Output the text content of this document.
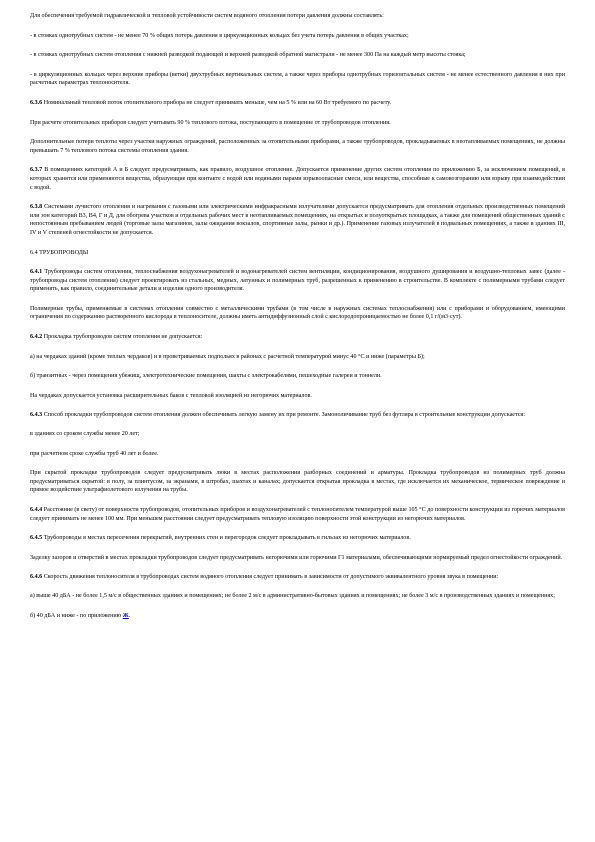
Для обеспечения требуемой гидравлической и тепловой устойчивости систем водяного отопления потери давления должны составлять:

- в стояках однотрубных систем - не менее 70 % общих потерь давления в циркуляционных кольцах без учета потерь давления в общих участках;

- в стояках однотрубных систем отопления с нижней разводкой подающей и верхней разводкой обратной магистрали - не менее 300 Па на каждый метр высоты стояка;

- в циркуляционных кольцах через верхние приборы (ветки) двухтрубных вертикальных систем, а также через приборы однотрубных горизонтальных систем - не менее естественного давления в них при расчетных параметрах теплоносителя.

6.3.6 Номинальный тепловой поток отопительного прибора не следует принимать меньше, чем на 5 % или на 60 Вт требуемого по расчету.

При расчете отопительных приборов следует учитывать 90 % теплового потока, поступающего в помещение от трубопроводов отопления.

Дополнительные потери теплоты через участки наружных ограждений, расположенных за отопительными приборами, а также трубопроводов, прокладываемых в неотапливаемых помещениях, не должны превышать 7 % теплового потока системы отопления здания.

6.3.7 В помещениях категорий А и Б следует предусматривать, как правило, воздушное отопление. Допускается применение других систем отопления по приложению Б, за исключением помещений, в которых хранятся или применяются вещества, образующие при контакте с водой или водяными парами взрывоопасные смеси, или вещества, способные к самовозгоранию или взрыву при взаимодействии с водой.

6.3.8 Системами лучистого отопления и нагревания с газовыми или электрическими инфракрасными излучателями допускается предусматривать для отопления отдельных производственных помещений или зон категорий В3, В4, Г и Д, для обогрева участков и отдельных рабочих мест в неотапливаемых помещениях, на открытых и полуоткрытых площадках, а также для помещений общественных зданий с непостоянным пребыванием людей (торговые залы магазинов, залы ожидания вокзалов, спортивные залы, рынки и др.). Применение газовых излучателей в подвальных помещениях, а также в зданиях III, IV и V степеней огнестойкости не допускается.

6.4 ТРУБОПРОВОДЫ

6.4.1 Трубопроводы систем отопления, теплоснабжения воздухонагревателей и водонагревателей систем вентиляции, кондиционирования, воздушного душирования и воздушно-тепловых завес (далее - трубопроводы систем отопления) следует проектировать из стальных, медных, латунных и полимерных труб, разрешенных к применению в строительстве. В комплекте с полимерными трубами следует применять, как правило, соединительные детали и изделия одного производителя.

Полимерные трубы, применяемые в системах отопления совместно с металлическими трубами (в том числе в наружных системах теплоснабжения) или с приборами и оборудованием, имеющими ограничения по содержанию растворенного кислорода в теплоносителе, должны иметь антидиффузионный слой с кислородопроницаемостью не более 0,1 г/(м3·сут).

6.4.2 Прокладка трубопроводов систем отопления не допускается:

а) на чердаках зданий (кроме теплых чердаков) и в проветриваемых подпольях в районах с расчетной температурой минус 40 °С и ниже (параметры Б);

б) транзитных - через помещения убежищ, электротехнические помещения, шахты с электрокабелями, пешеходные галереи и тоннели.

На чердаках допускается установка расширительных баков с тепловой изоляцией из негорючих материалов.

6.4.3 Способ прокладки трубопроводов систем отопления должен обеспечивать легкую замену их при ремонте. Замоноличивание труб без футляра в строительные конструкции допускается:

в зданиях со сроком службы менее 20 лет;

при расчетном сроке службы труб 40 лет и более.

При скрытой прокладке трубопроводов следует предусматривать люки в местах расположения разборных соединений и арматуры. Прокладка трубопроводов из полимерных труб должна предусматриваться скрытой: в полу, за плинтусом, за экранами, в штробах, шахтах и каналах; допускается открытая прокладка в местах, где исключается их механическое, термическое повреждение и прямое воздействие ультрафиолетового излучения на трубы.

6.4.4 Расстояние (в свету) от поверхности трубопроводов, отопительных приборов и воздухонагревателей с теплоносителем температурой выше 105 °С до поверхности конструкции из горючих материалов следует принимать не менее 100 мм. При меньшем расстоянии следует предусматривать тепловую изоляцию поверхности этой конструкции из негорючих материалов.

6.4.5 Трубопроводы в местах пересечения перекрытий, внутренних стен и перегородок следует прокладывать в гильзах из негорючих материалов.

Заделку зазоров и отверстий в местах прокладки трубопроводов следует предусматривать негорючими или горючими Г1 материалами, обеспечивающими нормируемый предел огнестойкости ограждений.

6.4.6 Скорость движения теплоносителя в трубопроводах систем водяного отопления следует принимать в зависимости от допустимого эквивалентного уровня звука в помещении:

а) выше 40 дБА - не более 1,5 м/с в общественных зданиях и помещениях; не более 2 м/с в административно-бытовых зданиях и помещениях; не более 3 м/с в производственных зданиях и помещениях;

б) 40 дБА и ниже - по приложению Ж.
